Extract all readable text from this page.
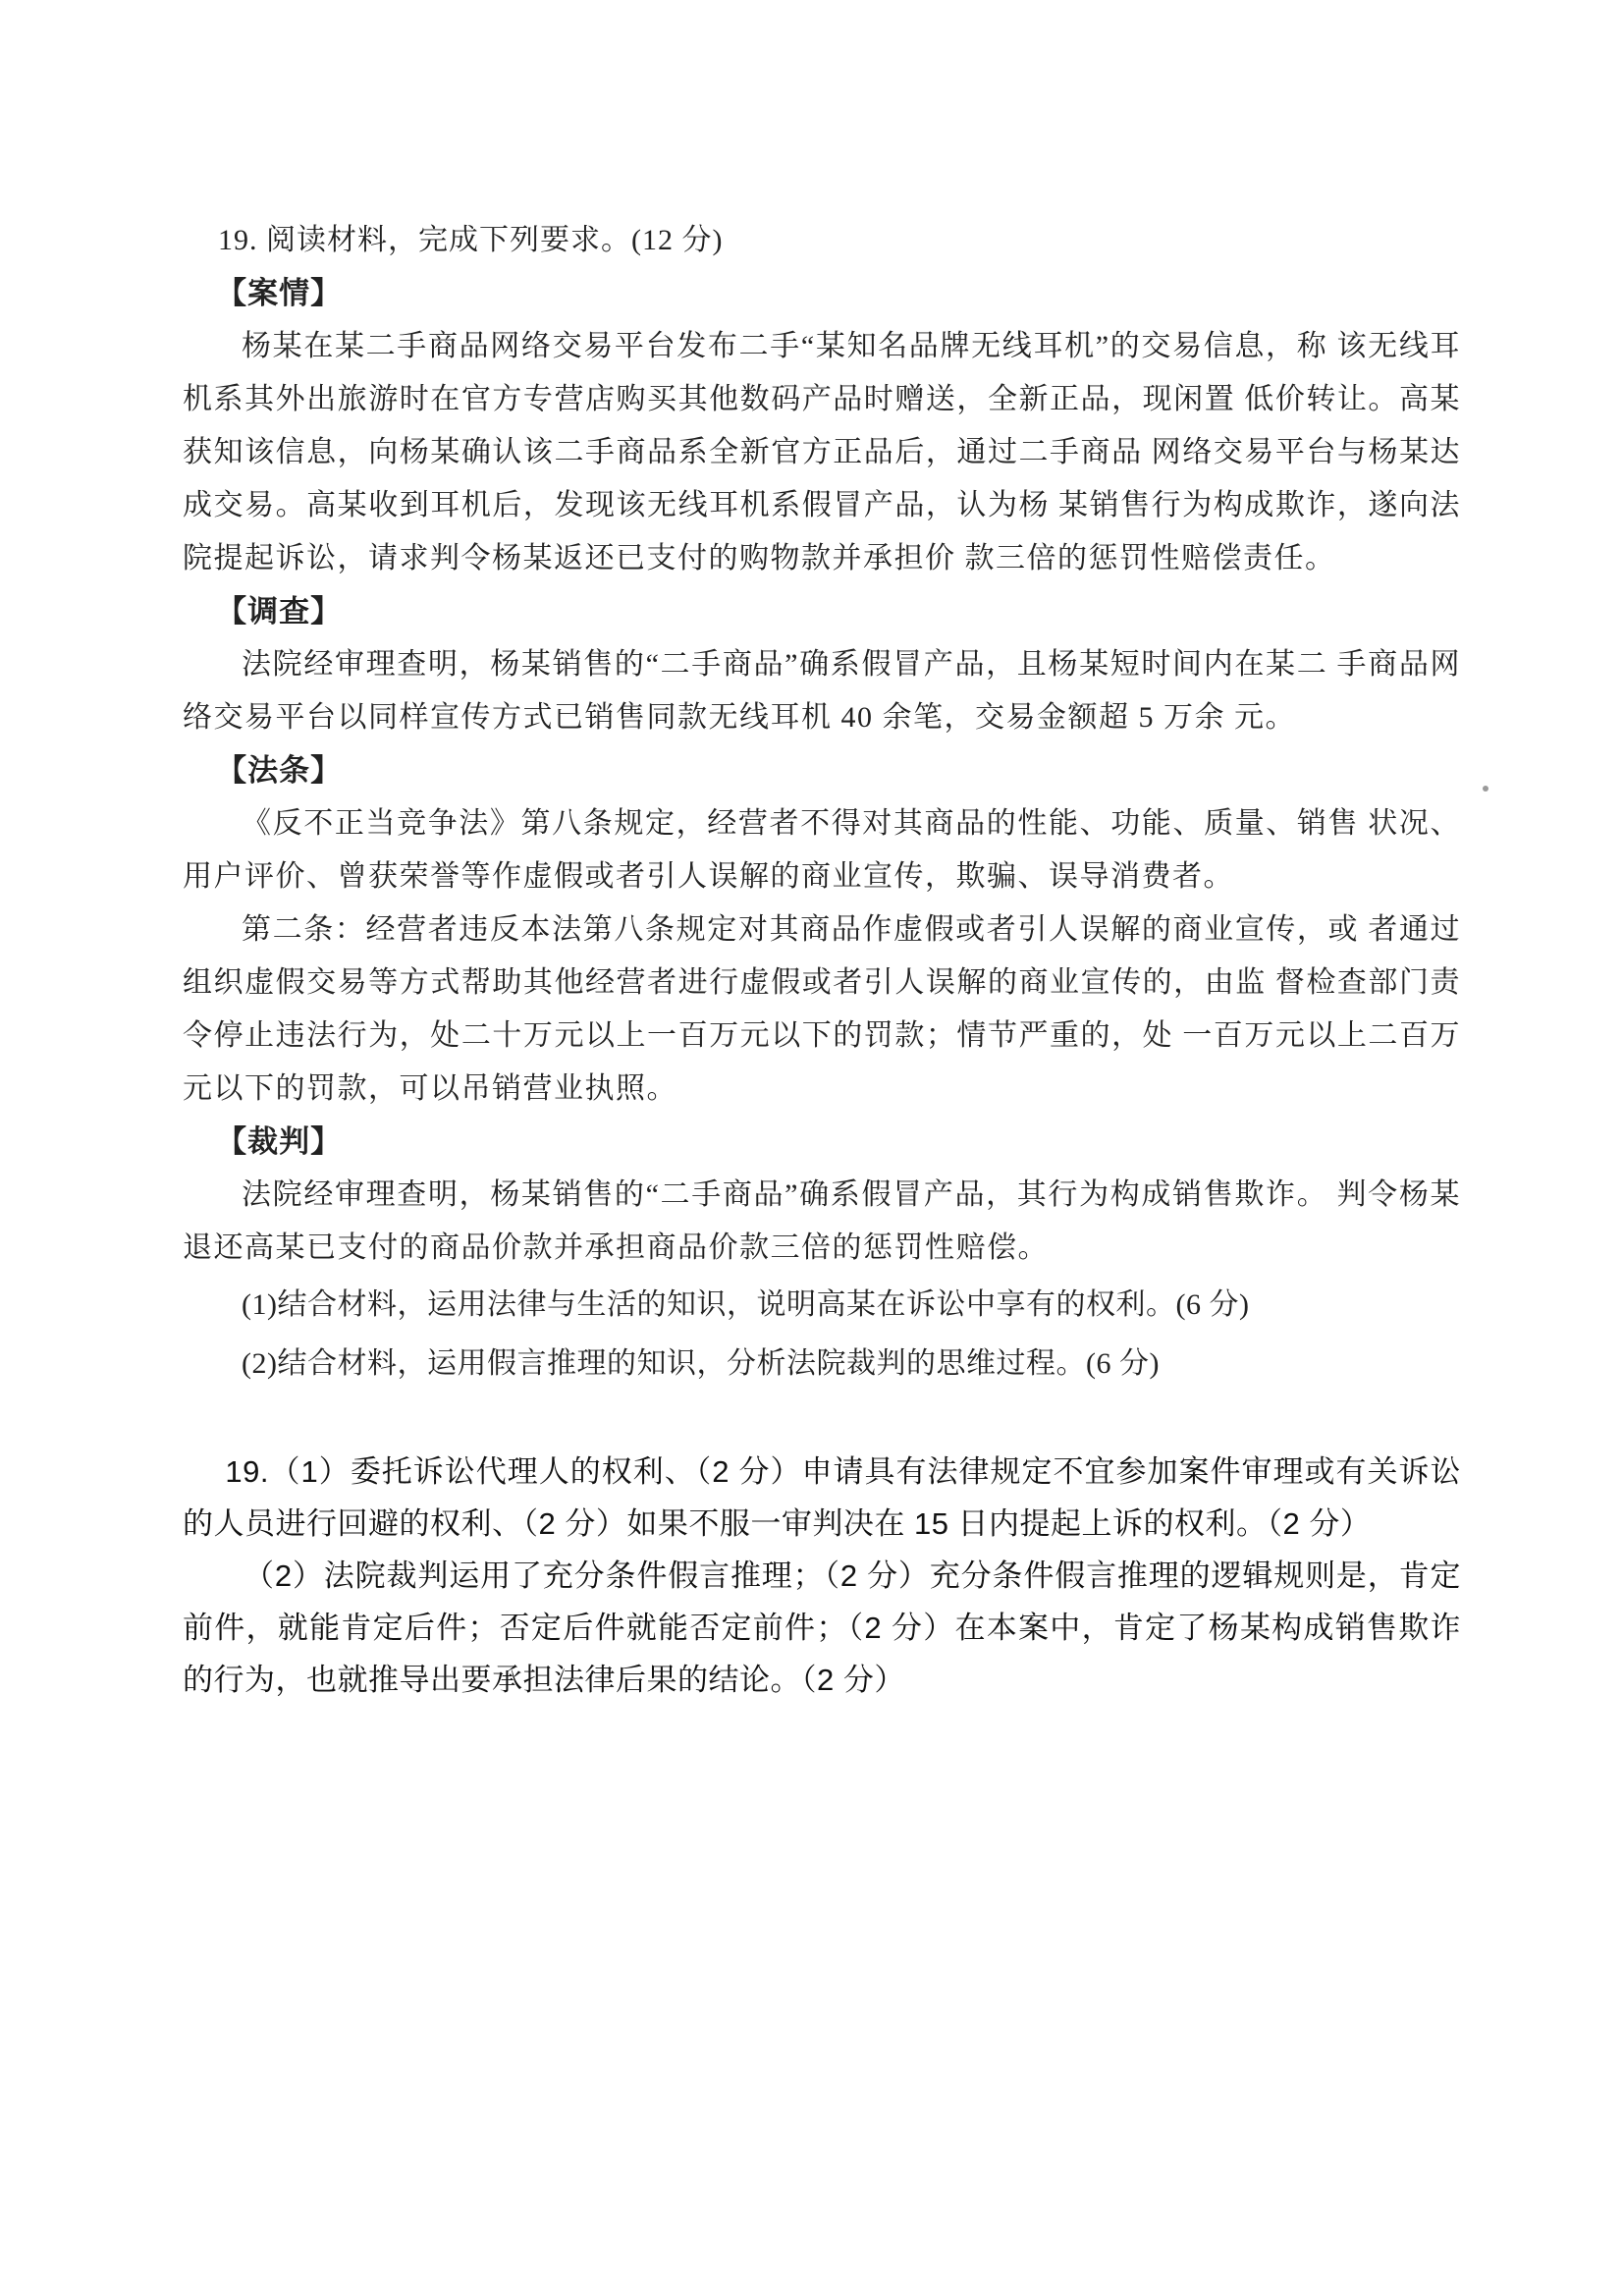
19. 阅读材料，完成下列要求。(12 分)

【案情】

杨某在某二手商品网络交易平台发布二手“某知名品牌无线耳机”的交易信息，称 该无线耳机系其外出旅游时在官方专营店购买其他数码产品时赠送，全新正品，现闲置 低价转让。高某获知该信息，向杨某确认该二手商品系全新官方正品后，通过二手商品 网络交易平台与杨某达成交易。高某收到耳机后，发现该无线耳机系假冒产品，认为杨 某销售行为构成欺诈，遂向法院提起诉讼，请求判令杨某返还已支付的购物款并承担价 款三倍的惩罚性赔偿责任。

【调查】

法院经审理查明，杨某销售的“二手商品”确系假冒产品，且杨某短时间内在某二 手商品网络交易平台以同样宣传方式已销售同款无线耳机 40 余笔，交易金额超 5 万余 元。

【法条】

《反不正当竞争法》第八条规定，经营者不得对其商品的性能、功能、质量、销售 状况、用户评价、曾获荣誉等作虚假或者引人误解的商业宣传，欺骗、误导消费者。

第二条：经营者违反本法第八条规定对其商品作虚假或者引人误解的商业宣传，或 者通过组织虚假交易等方式帮助其他经营者进行虚假或者引人误解的商业宣传的，由监 督检查部门责令停止违法行为，处二十万元以上一百万元以下的罚款；情节严重的，处 一百万元以上二百万元以下的罚款，可以吊销营业执照。

【裁判】

法院经审理查明，杨某销售的“二手商品”确系假冒产品，其行为构成销售欺诈。 判令杨某退还高某已支付的商品价款并承担商品价款三倍的惩罚性赔偿。

(1)结合材料，运用法律与生活的知识，说明高某在诉讼中享有的权利。(6 分)

(2)结合材料，运用假言推理的知识，分析法院裁判的思维过程。(6 分)

19.（1）委托诉讼代理人的权利、（2 分）申请具有法律规定不宜参加案件审理或有关诉讼的人员进行回避的权利、（2 分）如果不服一审判决在 15 日内提起上诉的权利。（2 分）

（2）法院裁判运用了充分条件假言推理；（2 分）充分条件假言推理的逻辑规则是，肯定前件，就能肯定后件；否定后件就能否定前件；（2 分）在本案中，肯定了杨某构成销售欺诈的行为，也就推导出要承担法律后果的结论。（2 分）
